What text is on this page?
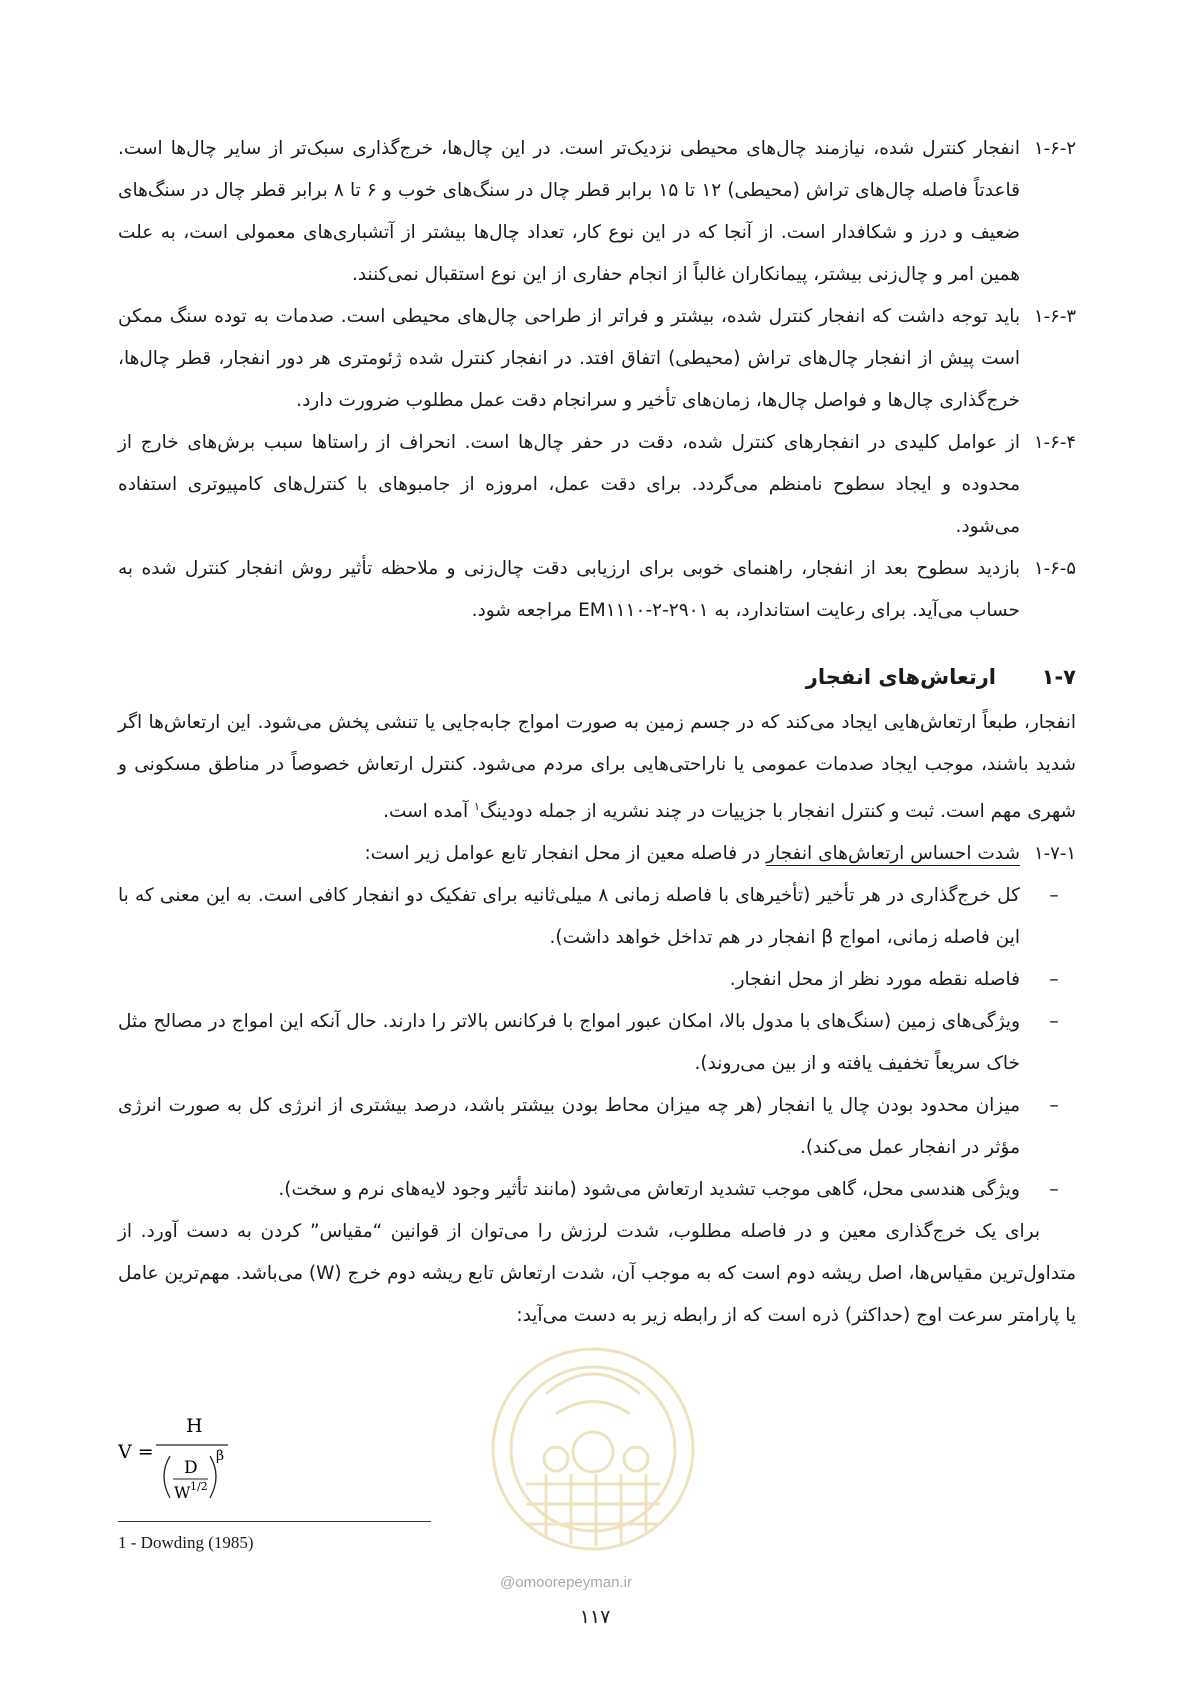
۱-۶-۲

انفجار کنترل شده، نیازمند چال‌های محیطی نزدیک‌تر است. در این چال‌ها، خرج‌گذاری سبک‌تر از سایر چال‌ها است. قاعدتاً فاصله چال‌های تراش (محیطی) ۱۲ تا ۱۵ برابر قطر چال در سنگ‌های خوب و ۶ تا ۸ برابر قطر چال در سنگ‌های ضعیف و درز و شکافدار است. از آنجا که در این نوع کار، تعداد چال‌ها بیشتر از آتشباری‌های معمولی است، به علت همین امر و چال‌زنی بیشتر، پیمانکاران غالباً از انجام حفاری از این نوع استقبال نمی‌کنند.

۱-۶-۳

باید توجه داشت که انفجار کنترل شده، بیشتر و فراتر از طراحی چال‌های محیطی است. صدمات به توده سنگ ممکن است پیش از انفجار چال‌های تراش (محیطی) اتفاق افتد. در انفجار کنترل شده ژئومتری هر دور انفجار، قطر چال‌ها، خرج‌گذاری چال‌ها و فواصل چال‌ها، زمان‌های تأخیر و سرانجام دقت عمل مطلوب ضرورت دارد.

۱-۶-۴

از عوامل کلیدی در انفجارهای کنترل شده، دقت در حفر چال‌ها است. انحراف از راستاها سبب برش‌های خارج از محدوده و ایجاد سطوح نامنظم می‌گردد. برای دقت عمل، امروزه از جامبوهای با کنترل‌های کامپیوتری استفاده می‌شود.

۱-۶-۵

بازدید سطوح بعد از انفجار، راهنمای خوبی برای ارزیابی دقت چال‌زنی و ملاحظه تأثیر روش انفجار کنترل شده به حساب می‌آید. برای رعایت استاندارد، به EM۱۱۱۰-۲-۲۹۰۱ مراجعه شود.

۱-۷
ارتعاش‌های انفجار

انفجار، طبعاً ارتعاش‌هایی ایجاد می‌کند که در جسم زمین به صورت امواج جابه‌جایی یا تنشی پخش می‌شود. این ارتعاش‌ها اگر شدید باشند، موجب ایجاد صدمات عمومی یا ناراحتی‌هایی برای مردم می‌شود. کنترل ارتعاش خصوصاً در مناطق مسکونی و شهری مهم است. ثبت و کنترل انفجار با جزییات در چند نشریه از جمله دودینگ$^۱$ آمده است.

۱-۷-۱
شدت احساس ارتعاش‌های انفجار در فاصله معین از محل انفجار تابع عوامل زیر است:
–

کل خرج‌گذاری در هر تأخیر (تأخیرهای با فاصله زمانی ۸ میلی‌ثانیه برای تفکیک دو انفجار کافی است. به این معنی که با این فاصله زمانی، امواج β انفجار در هم تداخل خواهد داشت).

–

فاصله نقطه مورد نظر از محل انفجار.

–

ویژگی‌های زمین (سنگ‌های با مدول بالا، امکان عبور امواج با فرکانس بالاتر را دارند. حال آنکه این امواج در مصالح مثل خاک سریعاً تخفیف یافته و از بین می‌روند).

–

میزان محدود بودن چال یا انفجار (هر چه میزان محاط بودن بیشتر باشد، درصد بیشتری از انرژی کل به صورت انرژی مؤثر در انفجار عمل می‌کند).

–

ویژگی هندسی محل، گاهی موجب تشدید ارتعاش می‌شود (مانند تأثیر وجود لایه‌های نرم و سخت).

برای یک خرج‌گذاری معین و در فاصله مطلوب، شدت لرزش را می‌توان از قوانین “مقیاس” کردن به دست آورد. از متداول‌ترین مقیاس‌ها، اصل ریشه دوم است که به موجب آن، شدت ارتعاش تابع ریشه دوم خرج (W) می‌باشد. مهم‌ترین عامل یا پارامتر سرعت اوج (حداکثر) ذره است که از رابطه زیر به دست می‌آید:

@omoorepeyman.ir
V =
H
D
W 1/2
β
1 - Dowding (1985)
۱۱۷
